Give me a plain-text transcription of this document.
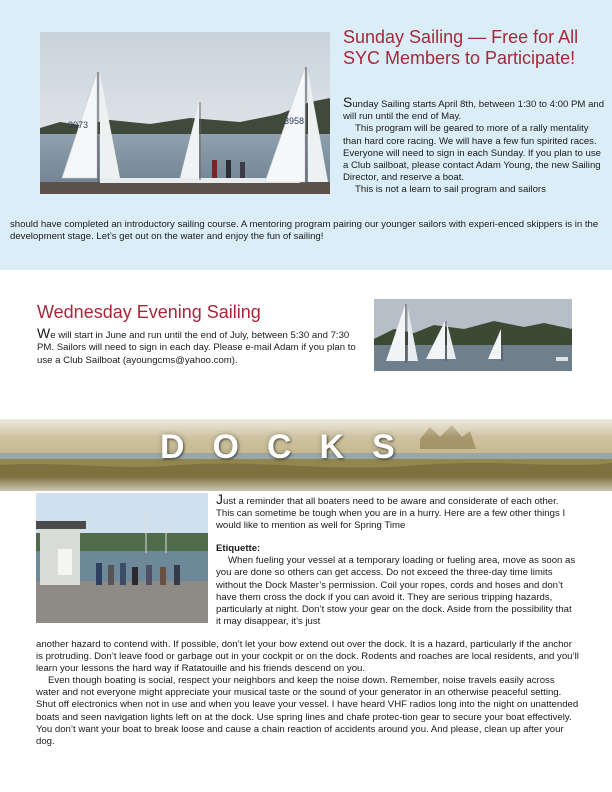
3073	3958
Sunday Sailing — Free for All SYC Members to Participate!

Sunday Sailing starts April 8th, between 1:30 to 4:00 PM and will run until the end of May.

This program will be geared to more of a rally mentality than hard core racing. We will have a few fun spirited races. Everyone will need to sign in each Sunday. If you plan to use a Club sailboat, please contact Adam Young, the new Sailing Director, and reserve a boat.

This is not a learn to sail program and sailors

should have completed an introductory sailing course. A mentoring program pairing our younger sailors with experi-enced skippers is in the development stage. Let’s get out on the water and enjoy the fun of sailing!

Wednesday Evening Sailing

We will start in June and run until the end of July, between 5:30 and 7:30 PM. Sailors will need to sign in each day. Please e-mail Adam if you plan to use a Club Sailboat (ayoungcms@yahoo.com).

DOCKS

Just a reminder that all boaters need to be aware and considerate of each other. This can sometime be tough when you are in a hurry. Here are a few other things I would like to mention as well for Spring Time

Etiquette:

When fueling your vessel at a temporary loading or fueling area, move as soon as you are done so others can get access. Do not exceed the three-day time limits without the Dock Master’s permission. Coil your ropes, cords and hoses and don’t have them cross the dock if you can avoid it. They are serious tripping hazards, particularly at night. Don’t stow your gear on the dock. Aside from the possibility that it may disappear, it’s just

another hazard to contend with. If possible, don’t let your bow extend out over the dock. It is a hazard, particularly if the anchor is protruding. Don’t leave food or garbage out in your cockpit or on the dock. Rodents and roaches are local residents, and you’ll learn your lessons the hard way if Ratatouille and his friends descend on you.

Even though boating is social, respect your neighbors and keep the noise down. Remember, noise travels easily across water and not everyone might appreciate your musical taste or the sound of your generator in an otherwise peaceful setting. Shut off electronics when not in use and when you leave your vessel. I have heard VHF radios long into the night on unattended boats and seen navigation lights left on at the dock. Use spring lines and chafe protec-tion gear to secure your boat effectively. You don’t want your boat to break loose and cause a chain reaction of accidents around you. And please, clean up after your dog.
